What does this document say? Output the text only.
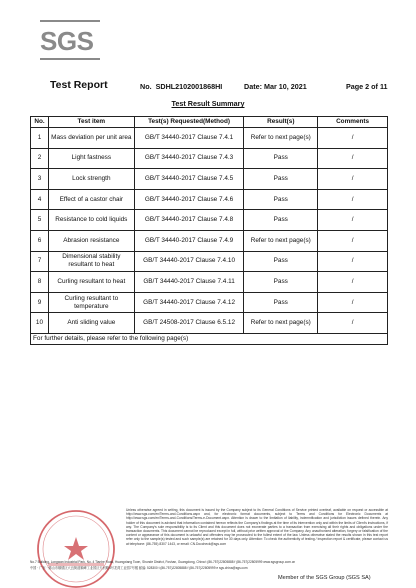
SGS
Test Report	No. SDHL2102001868HI	Date: Mar 10, 2021	Page 2 of 11
Test Result Summary
No.	Test item	Test(s) Requested(Method)	Result(s)	Comments
1	Mass deviation per unit area	GB/T 34440-2017 Clause 7.4.1	Refer to next page(s)	/
2	Light fastness	GB/T 34440-2017 Clause 7.4.3	Pass	/
3	Lock strength	GB/T 34440-2017 Clause 7.4.5	Pass	/
4	Effect of a castor chair	GB/T 34440-2017 Clause 7.4.6	Pass	/
5	Resistance to cold liquids	GB/T 34440-2017 Clause 7.4.8	Pass	/
6	Abrasion resistance	GB/T 34440-2017 Clause 7.4.9	Refer to next page(s)	/
7	Dimensional stability resultant to heat	GB/T 34440-2017 Clause 7.4.10	Pass	/
8	Curling resultant to heat	GB/T 34440-2017 Clause 7.4.11	Pass	/
9	Curling resultant to temperature	GB/T 34440-2017 Clause 7.4.12	Pass	/
10	Anti sliding value	GB/T 24508-2017 Clause 6.5.12	Refer to next page(s)	/
For further details, please refer to the following page(s)				
Unless otherwise agreed in writing, this document is issued by the Company subject to its General Conditions of Service printed overleaf, available on request or accessible at http://www.sgs.com/en/Terms-and-Conditions.aspx and, for electronic format documents, subject to Terms and Conditions for Electronic Documents at http://www.sgs.com/en/Terms-and-Conditions/Terms-e-Document.aspx. Attention is drawn to the limitation of liability, indemnification and jurisdiction issues defined therein. Any holder of this document is advised that information contained hereon reflects the Company's findings at the time of its intervention only and within the limits of Client's instructions, if any. The Company's sole responsibility is to its Client and this document does not exonerate parties to a transaction from exercising all their rights and obligations under the transaction documents. This document cannot be reproduced except in full, without prior written approval of the Company. Any unauthorized alteration, forgery or falsification of the content or appearance of this document is unlawful and offenders may be prosecuted to the fullest extent of the law. Unless otherwise stated the results shown in this test report refer only to the sample(s) tested and such sample(s) are retained for 30 days only. Attention: To check the authenticity of testing / inspection report & certificate, please contact us at telephone: (86-755) 8307 1443, or email: CN.Doccheck@sgs.com
No.7 Building, Longwan Industrial Park, No. 4 Tianhe Road, Huangxiang Town, Shunde District, Foshan, Guangdong, China t (86-757)22805888 f (86-757)22805999 www.sgsgroup.com.cn
中国 · 广东 · 佛山市顺德区大良街道顺峰工业园区天河路4号龙湾工业园7号楼 邮编: 528300 t (86-757)22805888 f (86-757)22805999 e sgs.china@sgs.com
Member of the SGS Group (SGS SA)
